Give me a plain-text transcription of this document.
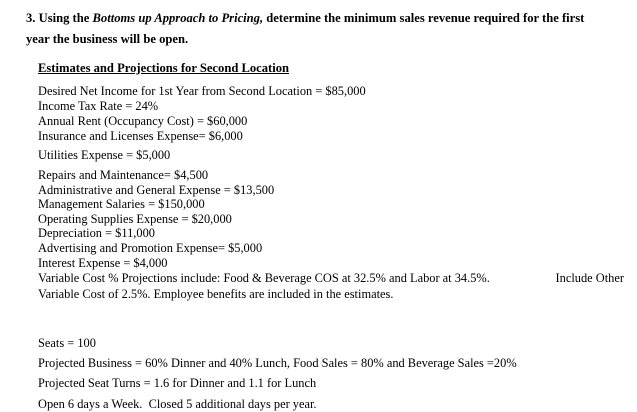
3. Using the Bottoms up Approach to Pricing, determine the minimum sales revenue required for the first
year the business will be open.
Estimates and Projections for Second Location
Desired Net Income for 1st Year from Second Location = $85,000
Income Tax Rate = 24%
Annual Rent (Occupancy Cost) = $60,000
Insurance and Licenses Expense= $6,000
Utilities Expense = $5,000
Repairs and Maintenance= $4,500
Administrative and General Expense = $13,500
Management Salaries = $150,000
Operating Supplies Expense = $20,000
Depreciation = $11,000
Advertising and Promotion Expense= $5,000
Interest Expense = $4,000
Variable Cost % Projections include: Food & Beverage COS at 32.5% and Labor at 34.5%.	Include Other
Variable Cost of 2.5%. Employee benefits are included in the estimates.
Seats = 100
Projected Business = 60% Dinner and 40% Lunch, Food Sales = 80% and Beverage Sales =20%
Projected Seat Turns = 1.6 for Dinner and 1.1 for Lunch
Open 6 days a Week.  Closed 5 additional days per year.
